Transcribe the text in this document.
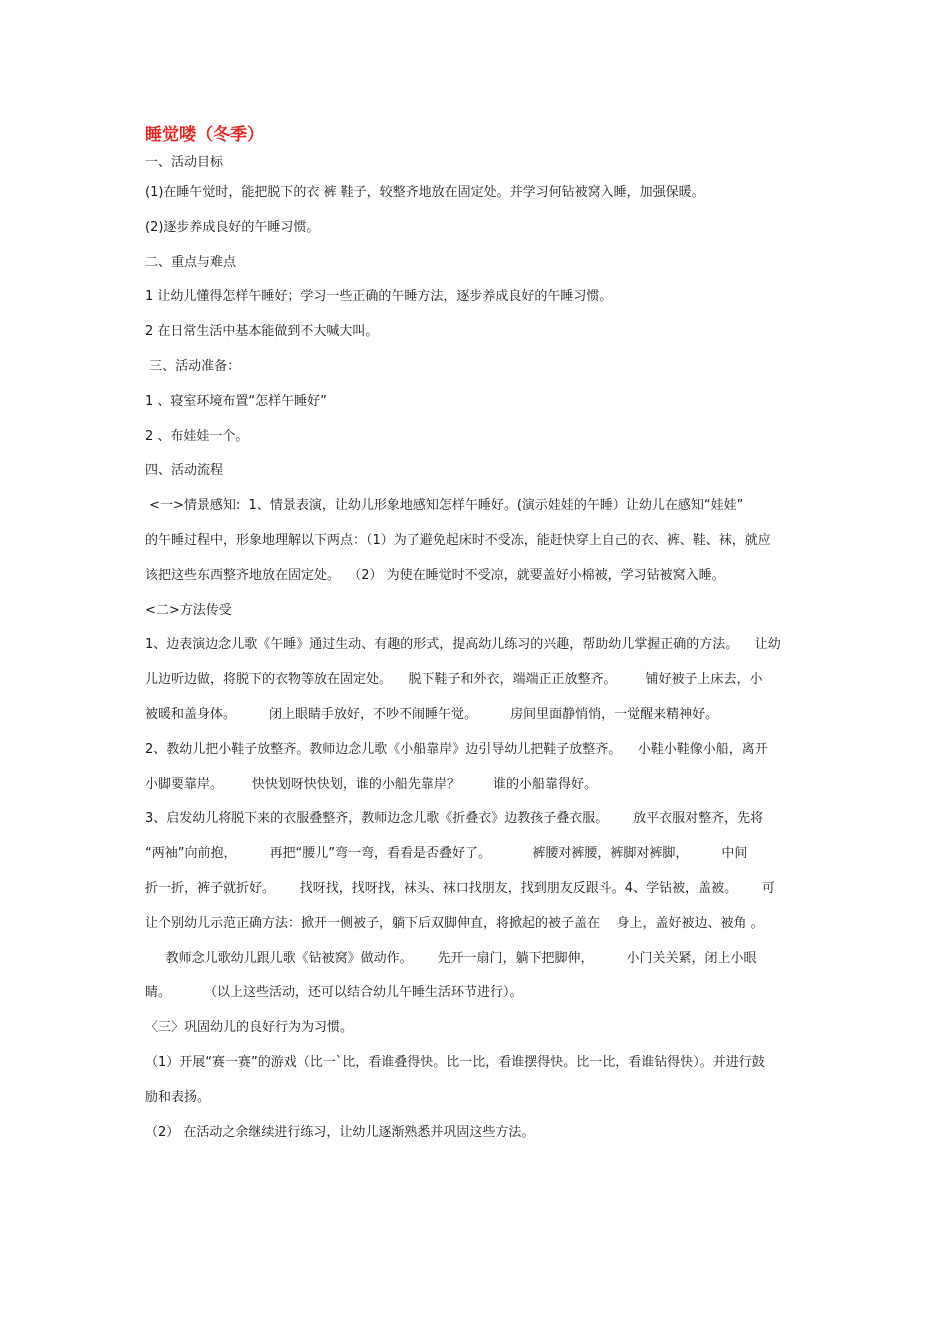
睡觉喽（冬季）
一、活动目标
(1)在睡午觉时，能把脱下的衣 裤 鞋子，较整齐地放在固定处。并学习何钻被窝入睡，加强保暖。
(2)逐步养成良好的午睡习惯。
二、重点与难点
1 让幼儿懂得怎样午睡好；学习一些正确的午睡方法，逐步养成良好的午睡习惯。
2 在日常生活中基本能做到不大喊大叫。
三、活动准备：
1 、寝室环境布置“怎样午睡好”
2 、布娃娃一个。
四、活动流程
<一>情景感知:  1、情景表演，让幼儿形象地感知怎样午睡好。(演示娃娃的午睡）让幼儿在感知“娃娃”
的午睡过程中，形象地理解以下两点：（1）为了避免起床时不受冻，能赶快穿上自己的衣、裤、鞋、袜，就应
该把这些东西整齐地放在固定处。  （2） 为使在睡觉时不受凉，就要盖好小棉被，学习钻被窝入睡。
<二>方法传受
1、边表演边念儿歌《午睡》通过生动、有趣的形式，提高幼儿练习的兴趣，帮助幼儿掌握正确的方法。    让幼
儿边听边做，将脱下的衣物等放在固定处。    脱下鞋子和外衣，端端正正放整齐。       铺好被子上床去，小
被暖和盖身体。        闭上眼睛手放好，不吵不闹睡午觉。        房间里面静悄悄，一觉醒来精神好。
2、教幼儿把小鞋子放整齐。教师边念儿歌《小船靠岸》边引导幼儿把鞋子放整齐。    小鞋小鞋像小船，离开
小脚要靠岸。       快快划呀快快划，谁的小船先靠岸？        谁的小船靠得好。
3、启发幼儿将脱下来的衣服叠整齐，教师边念儿歌《折叠衣》边教孩子叠衣服。      放平衣服对整齐，先将
“两袖”向前抱，        再把“腰儿”弯一弯，看看是否叠好了。          裤腰对裤腰，裤脚对裤脚，        中间
折一折，裤子就折好。      找呀找，找呀找，袜头、袜口找朋友，找到朋友反跟斗。4、学钻被，盖被。      可
让个别幼儿示范正确方法：掀开一侧被子，躺下后双脚伸直，将掀起的被子盖在    身上，盖好被边、被角 。
教师念儿歌幼儿跟儿歌《钻被窝》做动作。      先开一扇门，躺下把脚伸，        小门关关紧，闭上小眼
睛。        （以上这些活动，还可以结合幼儿午睡生活环节进行）。
〈三〉巩固幼儿的良好行为为习惯。
（1）开展“赛一赛”的游戏（比一`比，看谁叠得快。比一比，看谁摆得快。比一比，看谁钻得快）。并进行鼓
励和表扬。
（2） 在活动之余继续进行练习，让幼儿逐渐熟悉并巩固这些方法。
